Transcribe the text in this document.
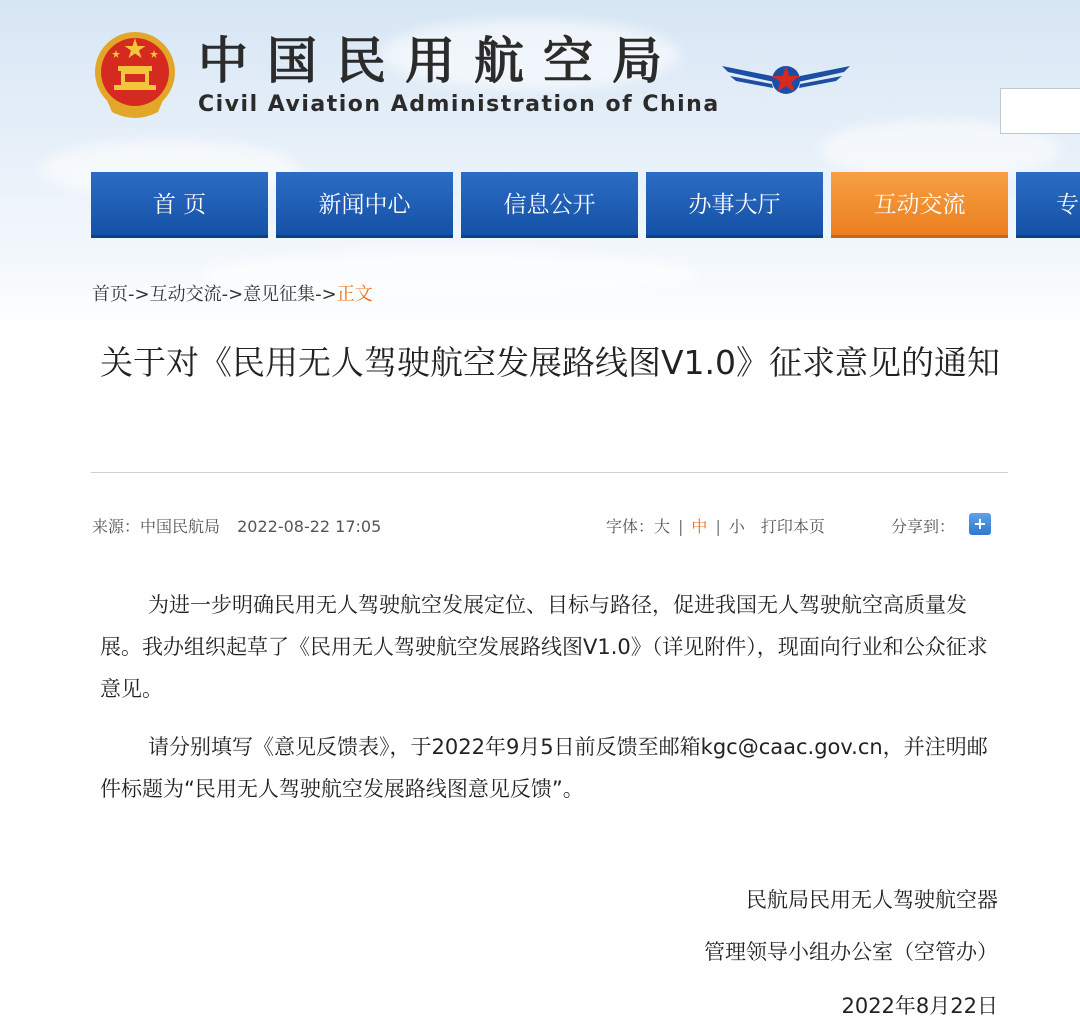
中国民用航空局
Civil Aviation Administration of China
首 页	新闻中心	信息公开	办事大厅	互动交流	专
首页->互动交流->意见征集->正文
关于对《民用无人驾驶航空发展路线图V1.0》征求意见的通知
来源：中国民航局 2022-08-22 17:05	字体：大 | 中 | 小 打印本页	分享到： +
为进一步明确民用无人驾驶航空发展定位、目标与路径，促进我国无人驾驶航空高质量发展。我办组织起草了《民用无人驾驶航空发展路线图V1.0》（详见附件），现面向行业和公众征求意见。
请分别填写《意见反馈表》，于2022年9月5日前反馈至邮箱kgc@caac.gov.cn，并注明邮件标题为“民用无人驾驶航空发展路线图意见反馈”。
民航局民用无人驾驶航空器
管理领导小组办公室（空管办）
2022年8月22日
